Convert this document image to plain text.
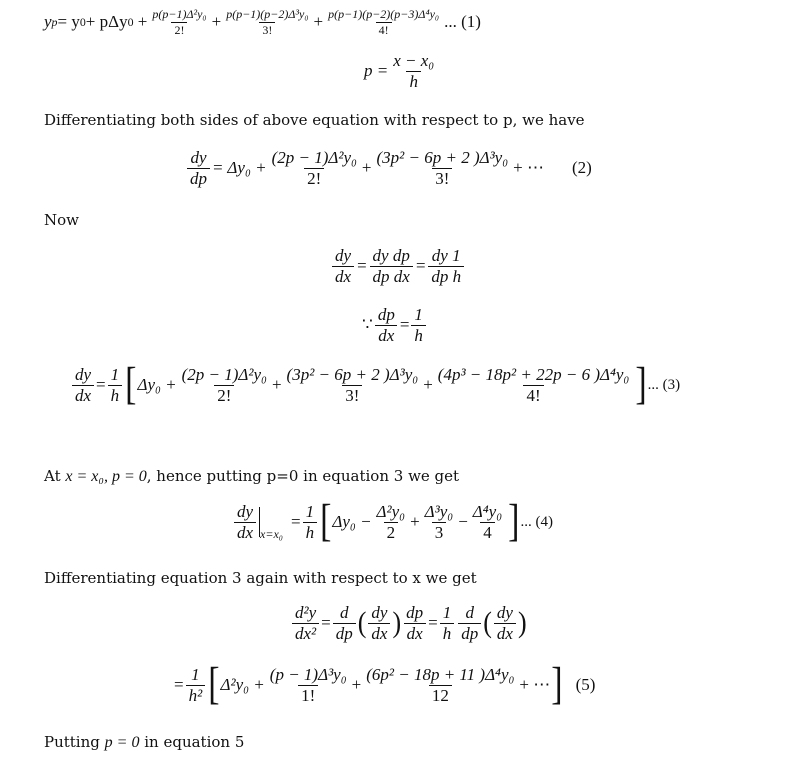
y p = y 0 + pΔy $0 + \frac{\text{p(p−1)Δ²y₀}}{2!} + \frac{\text{p(p−1)(p−2)Δ³y₀}}{3!} + \frac{\text{p(p−1)(p−2)(p−3)Δ⁴y₀}}{4!}$ ... (1)
$p = \frac{\text{x − x₀}}{h}$
Differentiating both sides of above equation with respect to p, we have
$\frac{dy}{dp} = \Delta y_0 + \frac{\text{(2p − 1)Δ²y₀}}{2!} + \frac{\text{(3p² − 6p + 2 )Δ³y₀}}{3!}$ + ⋯ (2)
Now
$\frac{dy}{dx} = \frac{\text{dy dp}}{\text{dp dx}} = \frac{dy 1}{\text{dp h}}$
∵ $\frac{dp}{dx} = \frac{1}{h}$
$\frac{dy}{dx} = \frac{1}{h}$ [ $\Delta y_0 + \frac{\text{(2p − 1)Δ²y₀}}{2!} + \frac{\text{(3p² − 6p + 2 )Δ³y₀}}{3!} + \frac{\text{(4p³ − 18p² + 22p − 6 )Δ⁴y₀}}{4!}$ ] ... (3)
At x = x₀, p = 0, hence putting p=0 in equation 3 we get
$\frac{dy}{dx} x=x_0$
= $\frac{1}{h}$ [ $\Delta y_0 - \frac{\text{Δ²y₀}}{2} + \frac{\text{Δ³y₀}}{3} - \frac{\text{Δ⁴y₀}}{4}$ ] ... (4)
Differentiating equation 3 again with respect to x we get
$\frac{\text{d²y}}{\text{dx²}} = \frac{d}{dp}$ ( $\frac{dy}{dx}$ ) $\frac{dp}{dx} = \frac{1}{h} \frac{d}{dp}$ ( $\frac{dy}{dx}$ )
= $\frac{1}{\text{h²}}$ [ $\Delta^2y_0 + \frac{\text{(p − 1)Δ³y₀}}{1!} + \frac{\text{(6p² − 18p + 11 )Δ⁴y₀}}{12}$ + ⋯ ] (5)
Putting p = 0 in equation 5
